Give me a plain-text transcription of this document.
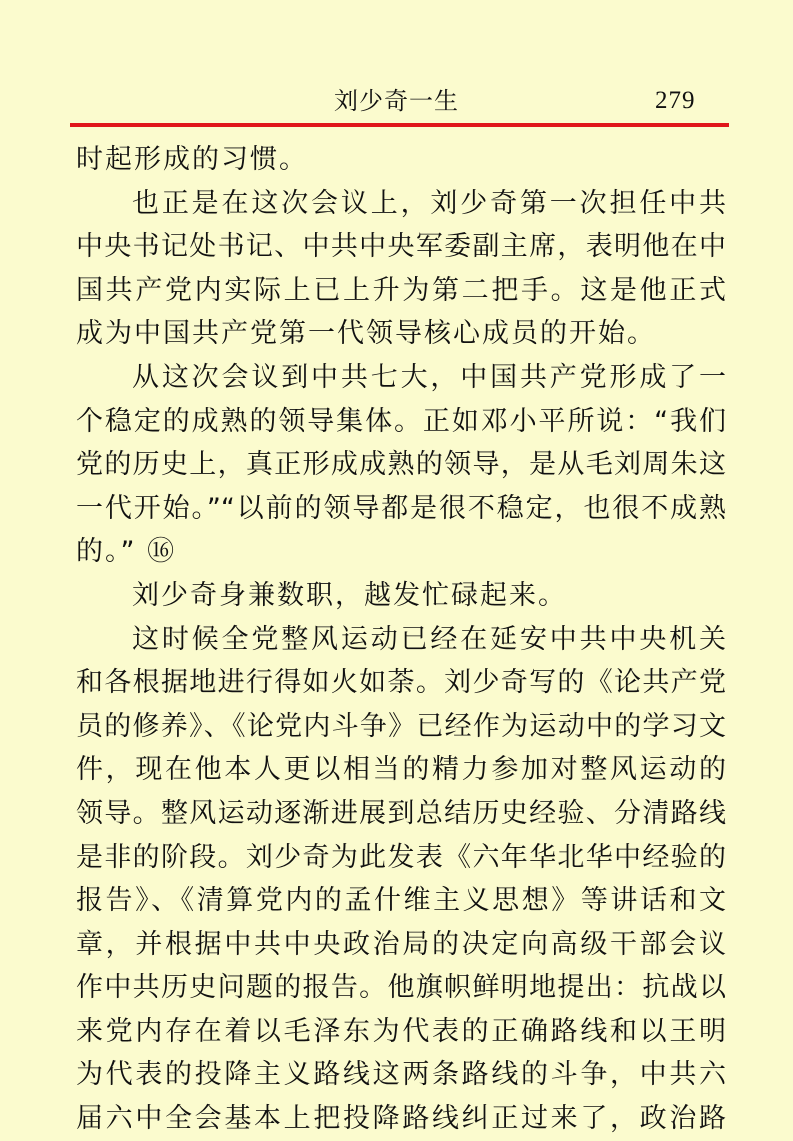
刘少奇一生	279
时起形成的习惯。
也正是在这次会议上，刘少奇第一次担任中共
中央书记处书记、中共中央军委副主席，表明他在中
国共产党内实际上已上升为第二把手。这是他正式
成为中国共产党第一代领导核心成员的开始。
从这次会议到中共七大，中国共产党形成了一
个稳定的成熟的领导集体。正如邓小平所说：“我们
党的历史上，真正形成成熟的领导，是从毛刘周朱这
一代开始。”“以前的领导都是很不稳定，也很不成熟
的。” ⑯
刘少奇身兼数职，越发忙碌起来。
这时候全党整风运动已经在延安中共中央机关
和各根据地进行得如火如荼。刘少奇写的《论共产党
员的修养》、《论党内斗争》已经作为运动中的学习文
件，现在他本人更以相当的精力参加对整风运动的
领导。整风运动逐渐进展到总结历史经验、分清路线
是非的阶段。刘少奇为此发表《六年华北华中经验的
报告》、《清算党内的孟什维主义思想》等讲话和文
章，并根据中共中央政治局的决定向高级干部会议
作中共历史问题的报告。他旗帜鲜明地提出：抗战以
来党内存在着以毛泽东为代表的正确路线和以王明
为代表的投降主义路线这两条路线的斗争，中共六
届六中全会基本上把投降路线纠正过来了，政治路
